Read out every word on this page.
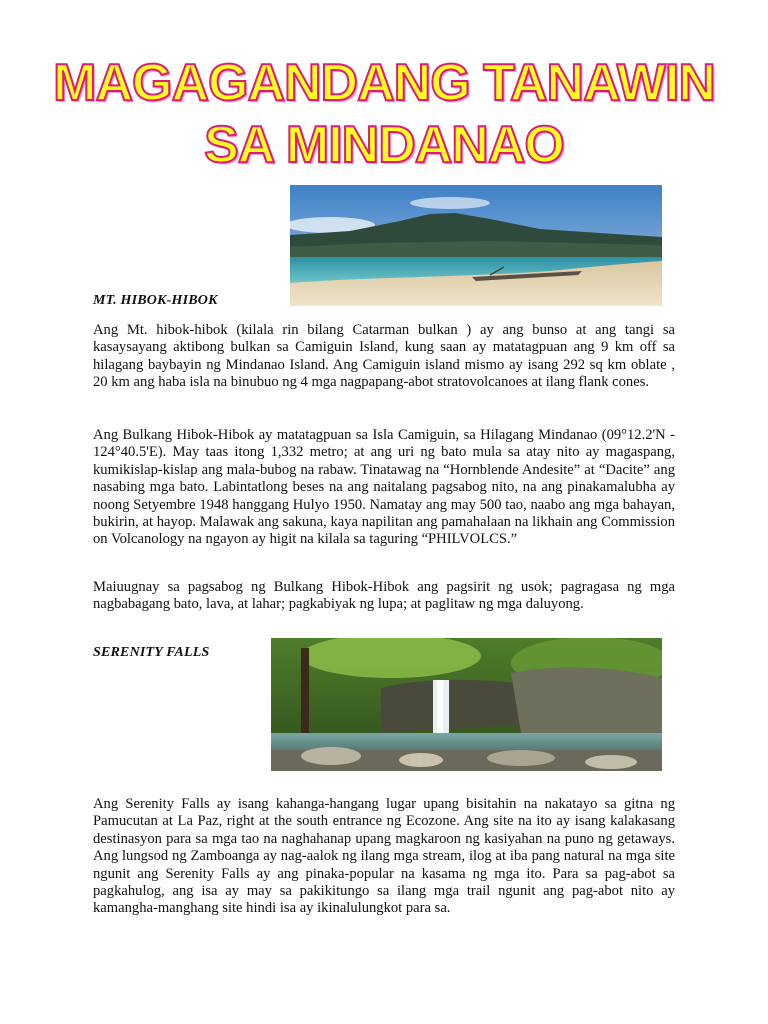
MAGAGANDANG TANAWIN
SA MINDANAO
MT. HIBOK-HIBOK

Ang Mt. hibok-hibok (kilala rin bilang Catarman bulkan ) ay ang bunso at ang tangi sa kasaysayang aktibong bulkan sa Camiguin Island, kung saan ay matatagpuan ang 9 km off sa hilagang baybayin ng Mindanao Island. Ang Camiguin island mismo ay isang 292 sq km oblate , 20 km ang haba isla na binubuo ng 4 mga nagpapang-abot stratovolcanoes at ilang flank cones.

Ang Bulkang Hibok-Hibok ay matatagpuan sa Isla Camiguin, sa Hilagang Mindanao (09°12.2'N - 124°40.5'E). May taas itong 1,332 metro; at ang uri ng bato mula sa atay nito ay magaspang, kumikislap-kislap ang mala-bubog na rabaw. Tinatawag na “Hornblende Andesite” at “Dacite” ang nasabing mga bato. Labintatlong beses na ang naitalang pagsabog nito, na ang pinakamalubha ay noong Setyembre 1948 hanggang Hulyo 1950. Namatay ang may 500 tao, naabo ang mga bahayan, bukirin, at hayop. Malawak ang sakuna, kaya napilitan ang pamahalaan na likhain ang Commission on Volcanology na ngayon ay higit na kilala sa taguring “PHILVOLCS.”

Maiuugnay sa pagsabog ng Bulkang Hibok-Hibok ang pagsirit ng usok; pagragasa ng mga nagbabagang bato, lava, at lahar; pagkabiyak ng lupa; at paglitaw ng mga daluyong.

SERENITY FALLS

Ang Serenity Falls ay isang kahanga-hangang lugar upang bisitahin na nakatayo sa gitna ng Pamucutan at La Paz, right at the south entrance ng Ecozone. Ang site na ito ay isang kalakasang destinasyon para sa mga tao na naghahanap upang magkaroon ng kasiyahan na puno ng getaways. Ang lungsod ng Zamboanga ay nag-aalok ng ilang mga stream, ilog at iba pang natural na mga site ngunit ang Serenity Falls ay ang pinaka-popular na kasama ng mga ito. Para sa pag-abot sa pagkahulog, ang isa ay may sa pakikitungo sa ilang mga trail ngunit ang pag-abot nito ay kamangha-manghang site hindi isa ay ikinalulungkot para sa.
